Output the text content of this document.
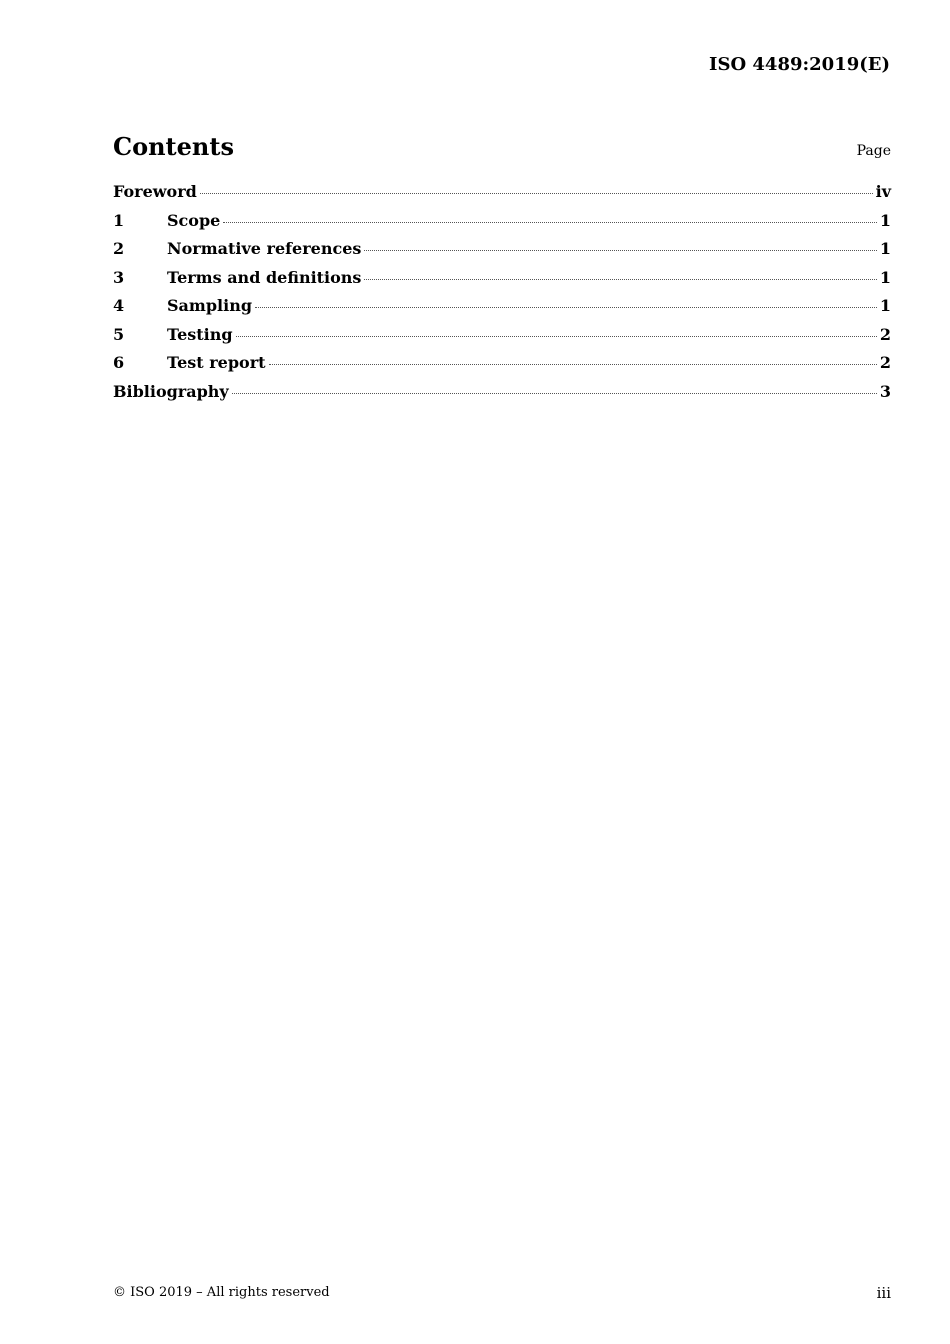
ISO 4489:2019(E)
Contents	Page
Foreword	iv
1	Scope	1
2	Normative references	1
3	Terms and definitions	1
4	Sampling	1
5	Testing	2
6	Test report	2
Bibliography	3
© ISO 2019 – All rights reserved	iii
